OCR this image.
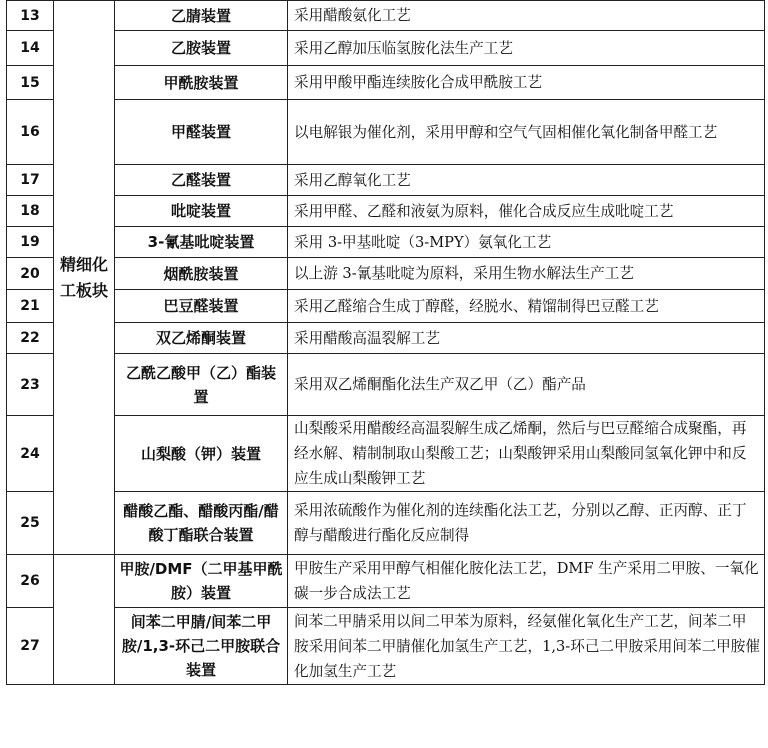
13	精细化工板块	乙腈装置	采用醋酸氨化工艺
14		乙胺装置	采用乙醇加压临氢胺化法生产工艺
15		甲酰胺装置	采用甲酸甲酯连续胺化合成甲酰胺工艺
16		甲醛装置	以电解银为催化剂，采用甲醇和空气气固相催化氧化制备甲醛工艺
17		乙醛装置	采用乙醇氧化工艺
18		吡啶装置	采用甲醛、乙醛和液氨为原料，催化合成反应生成吡啶工艺
19		3-氰基吡啶装置	采用 3-甲基吡啶（3-MPY）氨氧化工艺
20		烟酰胺装置	以上游 3-氰基吡啶为原料，采用生物水解法生产工艺
21		巴豆醛装置	采用乙醛缩合生成丁醇醛，经脱水、精馏制得巴豆醛工艺
22		双乙烯酮装置	采用醋酸高温裂解工艺
23		乙酰乙酸甲（乙）酯装置	采用双乙烯酮酯化法生产双乙甲（乙）酯产品
24		山梨酸（钾）装置	山梨酸采用醋酸经高温裂解生成乙烯酮，然后与巴豆醛缩合成聚酯，再经水解、精制制取山梨酸工艺；山梨酸钾采用山梨酸同氢氧化钾中和反应生成山梨酸钾工艺
25		醋酸乙酯、醋酸丙酯/醋酸丁酯联合装置	采用浓硫酸作为催化剂的连续酯化法工艺，分别以乙醇、正丙醇、正丁醇与醋酸进行酯化反应制得
26		甲胺/DMF（二甲基甲酰胺）装置	甲胺生产采用甲醇气相催化胺化法工艺，DMF 生产采用二甲胺、一氧化碳一步合成法工艺
27		间苯二甲腈/间苯二甲胺/1,3-环己二甲胺联合装置	间苯二甲腈采用以间二甲苯为原料，经氨催化氧化生产工艺，间苯二甲胺采用间苯二甲腈催化加氢生产工艺，1,3-环己二甲胺采用间苯二甲胺催化加氢生产工艺
